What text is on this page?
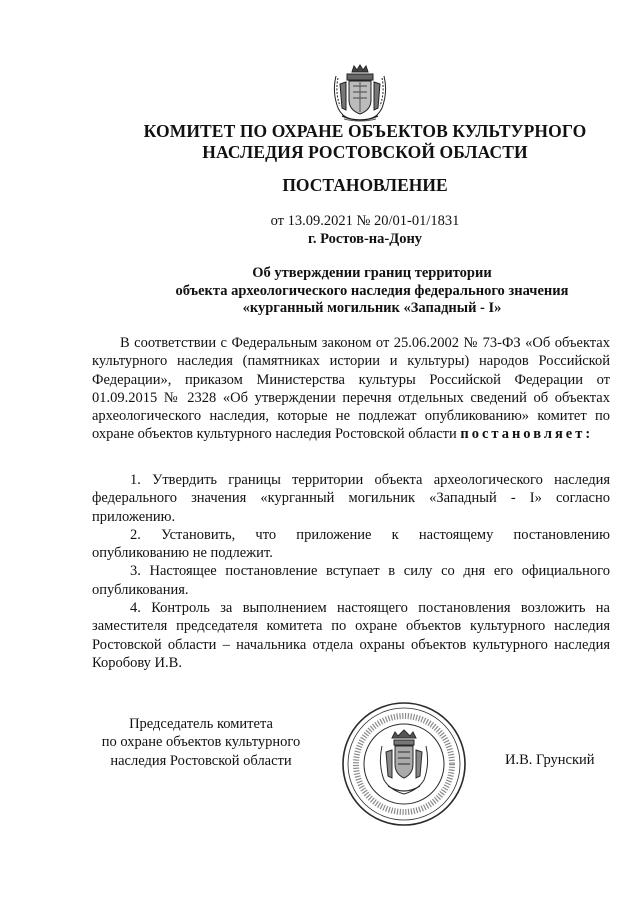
КОМИТЕТ ПО ОХРАНЕ ОБЪЕКТОВ КУЛЬТУРНОГО
НАСЛЕДИЯ РОСТОВСКОЙ ОБЛАСТИ
ПОСТАНОВЛЕНИЕ
от 13.09.2021 № 20/01-01/1831
г. Ростов-на-Дону
Об утверждении границ территории
объекта археологического наследия федерального значения
«курганный могильник «Западный - I»

В соответствии с Федеральным законом от 25.06.2002 № 73-ФЗ «Об объектах культурного наследия (памятниках истории и культуры) народов Российской Федерации», приказом Министерства культуры Российской Федерации от 01.09.2015 № 2328 «Об утверждении перечня отдельных сведений об объектах археологического наследия, которые не подлежат опубликованию» комитет по охране объектов культурного наследия Ростовской области постановляет:

1. Утвердить границы территории объекта археологического наследия федерального значения «курганный могильник «Западный - I» согласно приложению.

2. Установить, что приложение к настоящему постановлению опубликованию не подлежит.

3. Настоящее постановление вступает в силу со дня его официального опубликования.

4. Контроль за выполнением настоящего постановления возложить на заместителя председателя комитета по охране объектов культурного наследия Ростовской области – начальника отдела охраны объектов культурного наследия Коробову И.В.

Председатель комитета
по охране объектов культурного
наследия Ростовской области	И.В. Грунский
